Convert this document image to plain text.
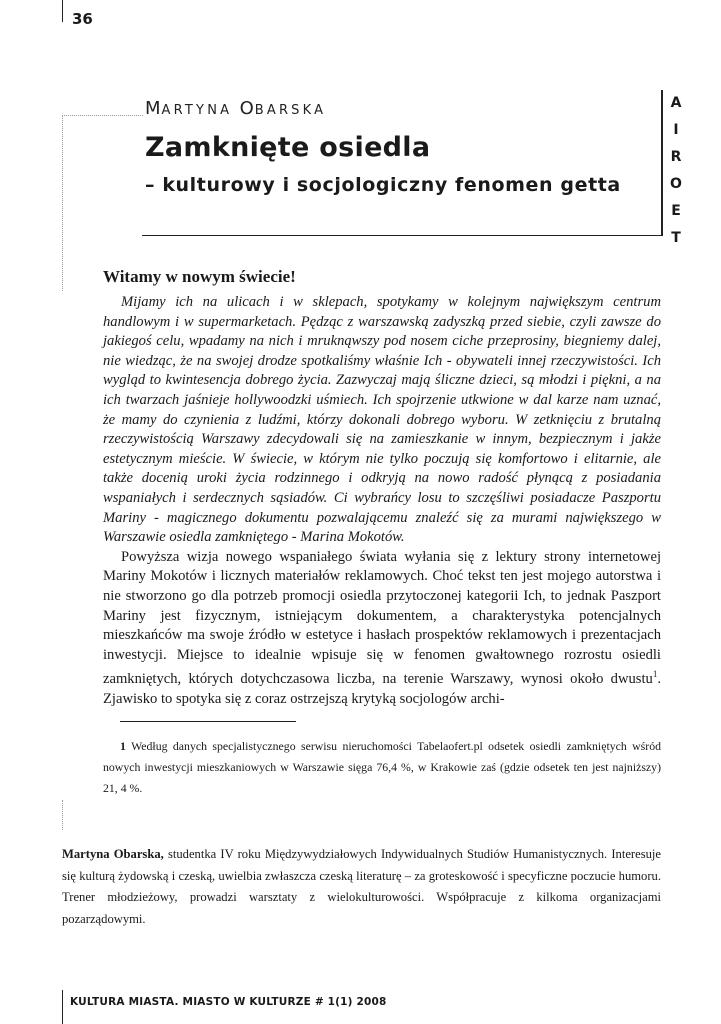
36
A
I
R
O
E
T
MARTYNA OBARSKA
Zamknięte osiedla
– kulturowy i socjologiczny fenomen getta

Witamy w nowym świecie!

Mijamy ich na ulicach i w sklepach, spotykamy w kolejnym największym centrum handlowym i w supermarketach. Pędząc z warszawską zadyszką przed siebie, czyli zawsze do jakiegoś celu, wpadamy na nich i mruknąwszy pod nosem ciche przeprosiny, biegniemy dalej, nie wiedząc, że na swojej drodze spotkaliśmy właśnie Ich - obywateli innej rzeczywistości. Ich wygląd to kwintesencja dobrego życia. Zazwyczaj mają śliczne dzieci, są młodzi i piękni, a na ich twarzach jaśnieje hollywoodzki uśmiech. Ich spojrzenie utkwione w dal karze nam uznać, że mamy do czynienia z ludźmi, którzy dokonali dobrego wyboru. W zetknięciu z brutalną rzeczywistością Warszawy zdecydowali się na zamieszkanie w innym, bezpiecznym i jakże estetycznym mieście. W świecie, w którym nie tylko poczują się komfortowo i elitarnie, ale także docenią uroki życia rodzinnego i odkryją na nowo radość płynącą z posiadania wspaniałych i serdecznych sąsiadów. Ci wybrańcy losu to szczęśliwi posiadacze Paszportu Mariny - magicznego dokumentu pozwalającemu znaleźć się za murami największego w Warszawie osiedla zamkniętego - Marina Mokotów.

Powyższa wizja nowego wspaniałego świata wyłania się z lektury strony internetowej Mariny Mokotów i licznych materiałów reklamowych. Choć tekst ten jest mojego autorstwa i nie stworzono go dla potrzeb promocji osiedla przytoczonej kategorii Ich, to jednak Paszport Mariny jest fizycznym, istniejącym dokumentem, a charakterystyka potencjalnych mieszkańców ma swoje źródło w estetyce i hasłach prospektów reklamowych i prezentacjach inwestycji. Miejsce to idealnie wpisuje się w fenomen gwałtownego rozrostu osiedli zamkniętych, których dotychczasowa liczba, na terenie Warszawy, wynosi około dwustu$^1$. Zjawisko to spotyka się z coraz ostrzejszą krytyką socjologów archi-

1 Według danych specjalistycznego serwisu nieruchomości Tabelaofert.pl odsetek osiedli zamkniętych wśród nowych inwestycji mieszkaniowych w Warszawie sięga 76,4 %, w Krakowie zaś (gdzie odsetek ten jest najniższy) 21, 4 %.

Martyna Obarska, studentka IV roku Międzywydziałowych Indywidualnych Studiów Humanistycznych. Interesuje się kulturą żydowską i czeską, uwielbia zwłaszcza czeską literaturę – za groteskowość i specyficzne poczucie humoru. Trener młodzieżowy, prowadzi warsztaty z wielokulturowości. Współpracuje z kilkoma organizacjami pozarządowymi.

KULTURA MIASTA. MIASTO W KULTURZE # 1(1) 2008
